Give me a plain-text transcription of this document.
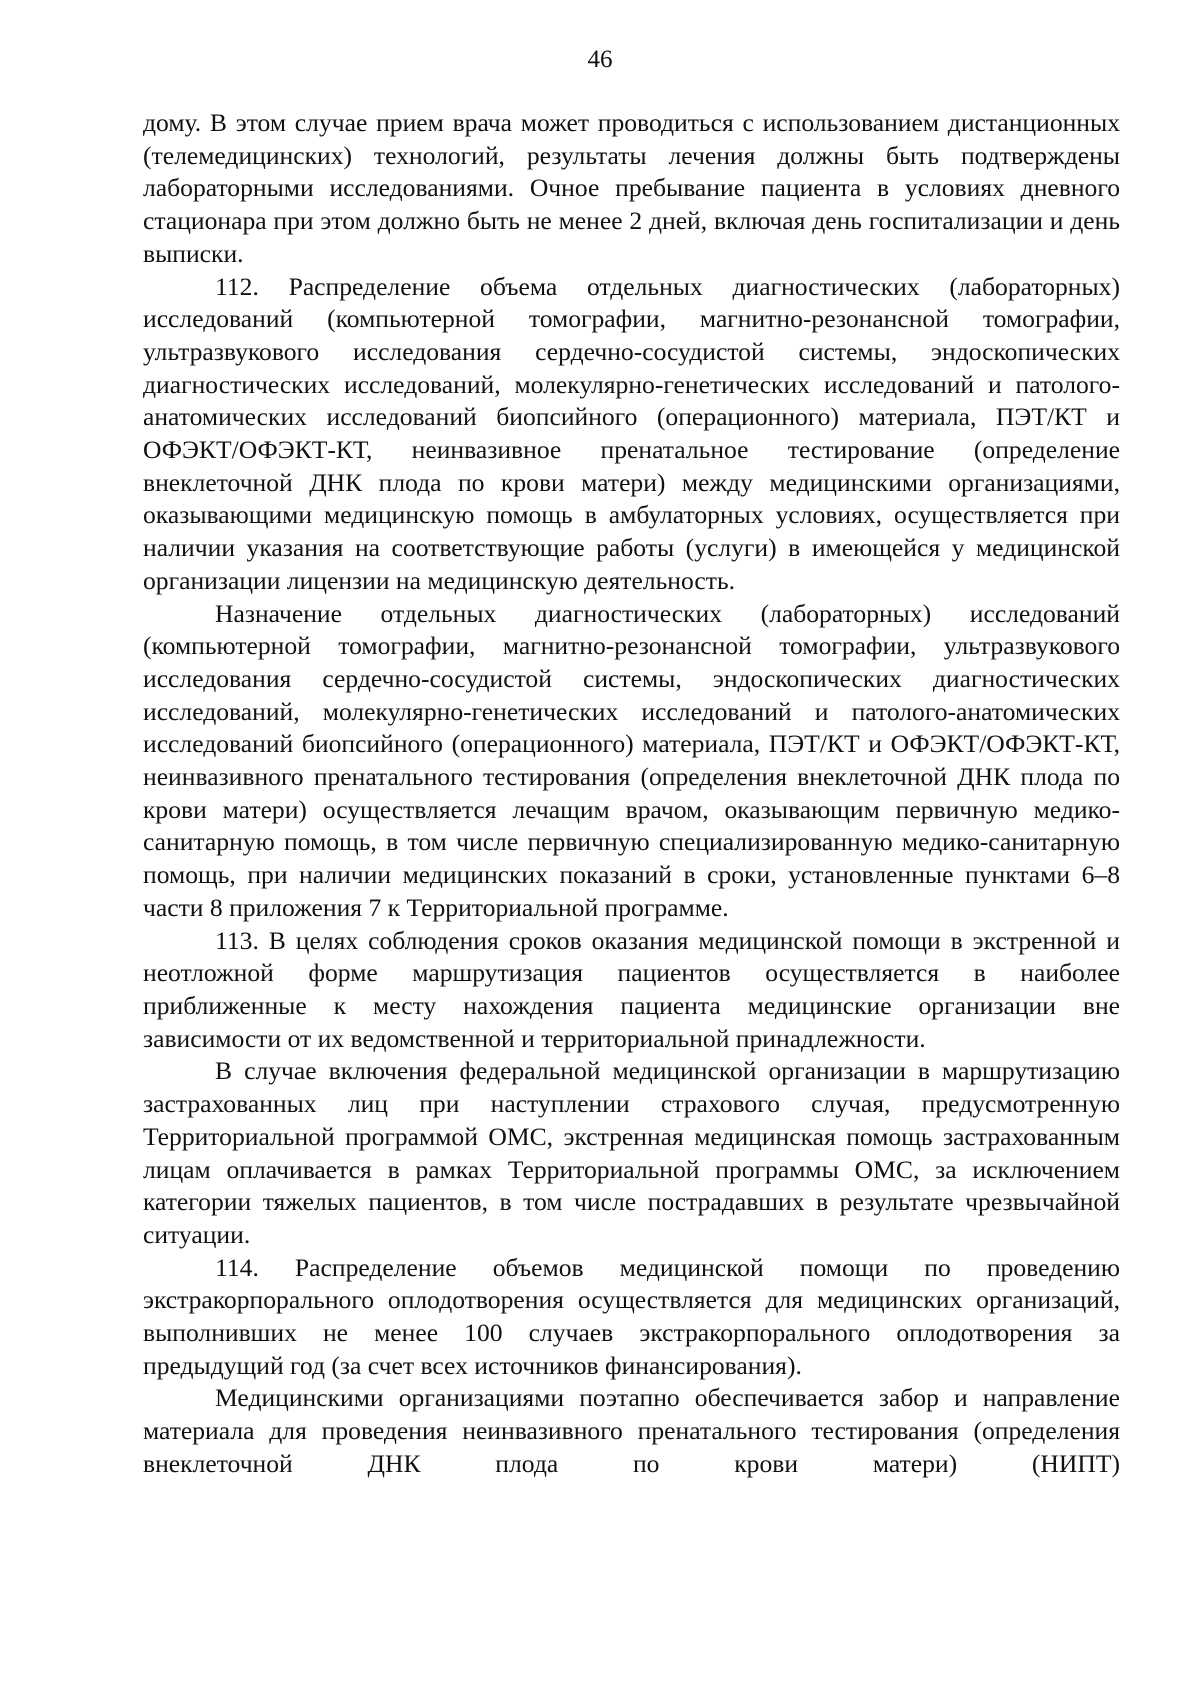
46

дому. В этом случае прием врача может проводиться с использованием дистанционных (телемедицинских) технологий, результаты лечения должны быть подтверждены лабораторными исследованиями. Очное пребывание пациента в условиях дневного стационара при этом должно быть не менее 2 дней, включая день госпитализации и день выписки.

112. Распределение объема отдельных диагностических (лабораторных) исследований (компьютерной томографии, магнитно-резонансной томографии, ультразвукового исследования сердечно-сосудистой системы, эндоскопических диагностических исследований, молекулярно-генетических исследований и патолого-анатомических исследований биопсийного (операционного) материала, ПЭТ/КТ и ОФЭКТ/ОФЭКТ-КТ, неинвазивное пренатальное тестирование (определение внеклеточной ДНК плода по крови матери) между медицинскими организациями, оказывающими медицинскую помощь в амбулаторных условиях, осуществляется при наличии указания на соответствующие работы (услуги) в имеющейся у медицинской организации лицензии на медицинскую деятельность.

Назначение отдельных диагностических (лабораторных) исследований (компьютерной томографии, магнитно-резонансной томографии, ультразвукового исследования сердечно-сосудистой системы, эндоскопических диагностических исследований, молекулярно-генетических исследований и патолого-анатомических исследований биопсийного (операционного) материала, ПЭТ/КТ и ОФЭКТ/ОФЭКТ-КТ, неинвазивного пренатального тестирования (определения внеклеточной ДНК плода по крови матери) осуществляется лечащим врачом, оказывающим первичную медико-санитарную помощь, в том числе первичную специализированную медико-санитарную помощь, при наличии медицинских показаний в сроки, установленные пунктами 6–8 части 8 приложения 7 к Территориальной программе.

113. В целях соблюдения сроков оказания медицинской помощи в экстренной и неотложной форме маршрутизация пациентов осуществляется в наиболее приближенные к месту нахождения пациента медицинские организации вне зависимости от их ведомственной и территориальной принадлежности.

В случае включения федеральной медицинской организации в маршрутизацию застрахованных лиц при наступлении страхового случая, предусмотренную Территориальной программой ОМС, экстренная медицинская помощь застрахованным лицам оплачивается в рамках Территориальной программы ОМС, за исключением категории тяжелых пациентов, в том числе пострадавших в результате чрезвычайной ситуации.

114. Распределение объемов медицинской помощи по проведению экстракорпорального оплодотворения осуществляется для медицинских организаций, выполнивших не менее 100 случаев экстракорпорального оплодотворения за предыдущий год (за счет всех источников финансирования).

Медицинскими организациями поэтапно обеспечивается забор и направление материала для проведения неинвазивного пренатального тестирования (определения внеклеточной ДНК плода по крови матери) (НИПТ)
